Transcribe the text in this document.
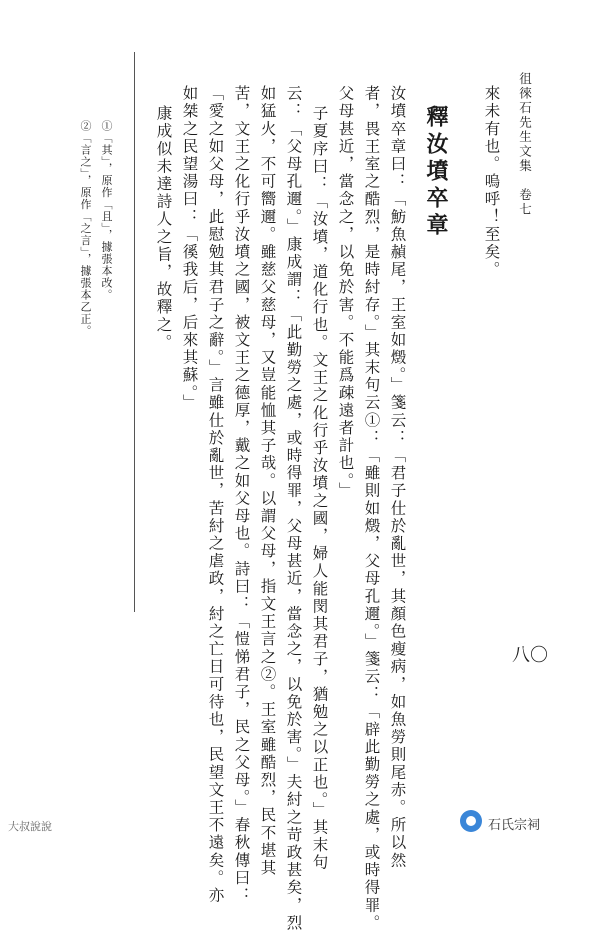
徂徠石先生文集　卷七
來未有也。嗚呼！至矣。
釋汝墳卒章
汝墳卒章曰：「魴魚赬尾，王室如燬。」箋云：「君子仕於亂世，其顏色瘦病，如魚勞則尾赤。所以然
者，畏王室之酷烈，是時紂存。」其末句云①：「雖則如燬，父母孔邇。」箋云：「辟此勤勞之處，或時得罪。
父母甚近，當念之，以免於害。不能爲疎遠者計也。」
子夏序曰：「汝墳，道化行也。文王之化行乎汝墳之國，婦人能閔其君子，猶勉之以正也。」其末句
云：「父母孔邇。」康成謂：「此勤勞之處，或時得罪，父母甚近，當念之，以免於害。」夫紂之苛政甚矣，烈
如猛火，不可嚮邇。雖慈父慈母，又豈能恤其子哉。以謂父母，指文王言之②。王室雖酷烈，民不堪其
苦，文王之化行乎汝墳之國，被文王之德厚，戴之如父母也。詩曰：「愷悌君子，民之父母。」春秋傳曰：
「愛之如父母，此慰勉其君子之辭。」言雖仕於亂世，苦紂之虐政，紂之亡日可待也，民望文王不遠矣。亦
如桀之民望湯曰：「徯我后，后來其蘇。」
康成似未達詩人之旨，故釋之。
①「其」，原作「且」，據張本改。
②「言之」，原作「之言」，據張本乙正。
八〇
大叔說說	石氏宗祠
